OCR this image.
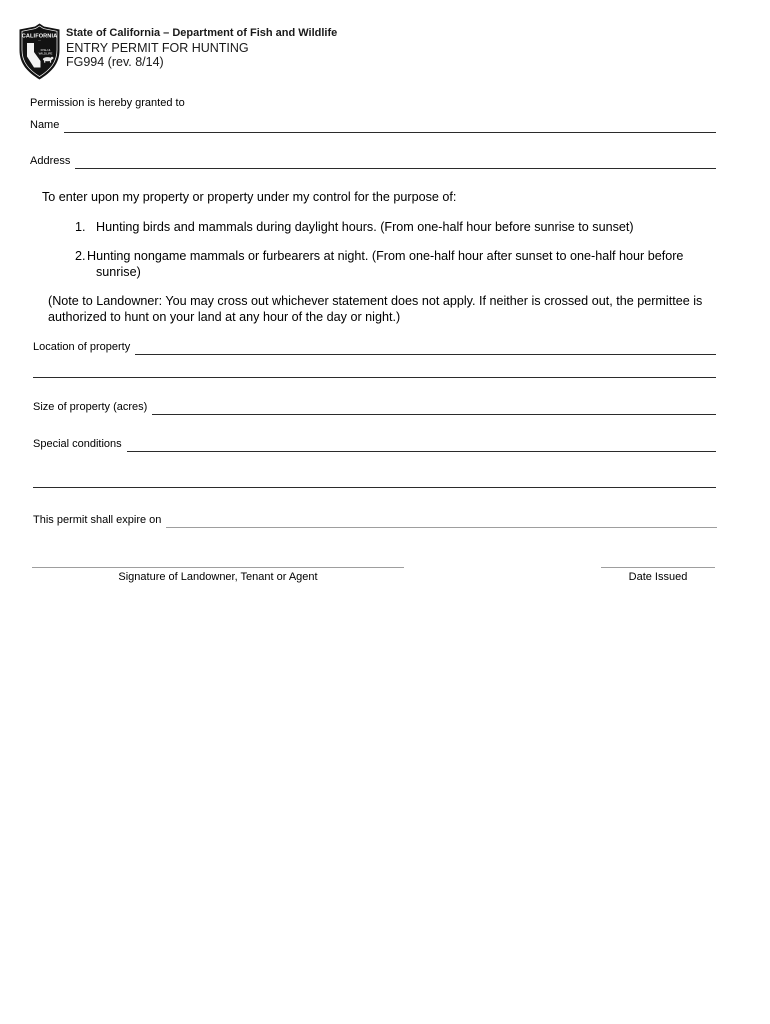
CALIFORNIA
···
FISH &
WILDLIFE
State of California – Department of Fish and Wildlife
ENTRY PERMIT FOR HUNTING
FG994 (rev. 8/14)
Permission is hereby granted to
Name
Address
To enter upon my property or property under my control for the purpose of:
1. Hunting birds and mammals during daylight hours. (From one-half hour before sunrise to sunset)
2. Hunting nongame mammals or furbearers at night. (From one-half hour after sunset to one-half hour before sunrise)
(Note to Landowner: You may cross out whichever statement does not apply. If neither is crossed out, the permittee is authorized to hunt on your land at any hour of the day or night.)
Location of property
Size of property (acres)
Special conditions
This permit shall expire on
Signature of Landowner, Tenant or Agent	Date Issued
